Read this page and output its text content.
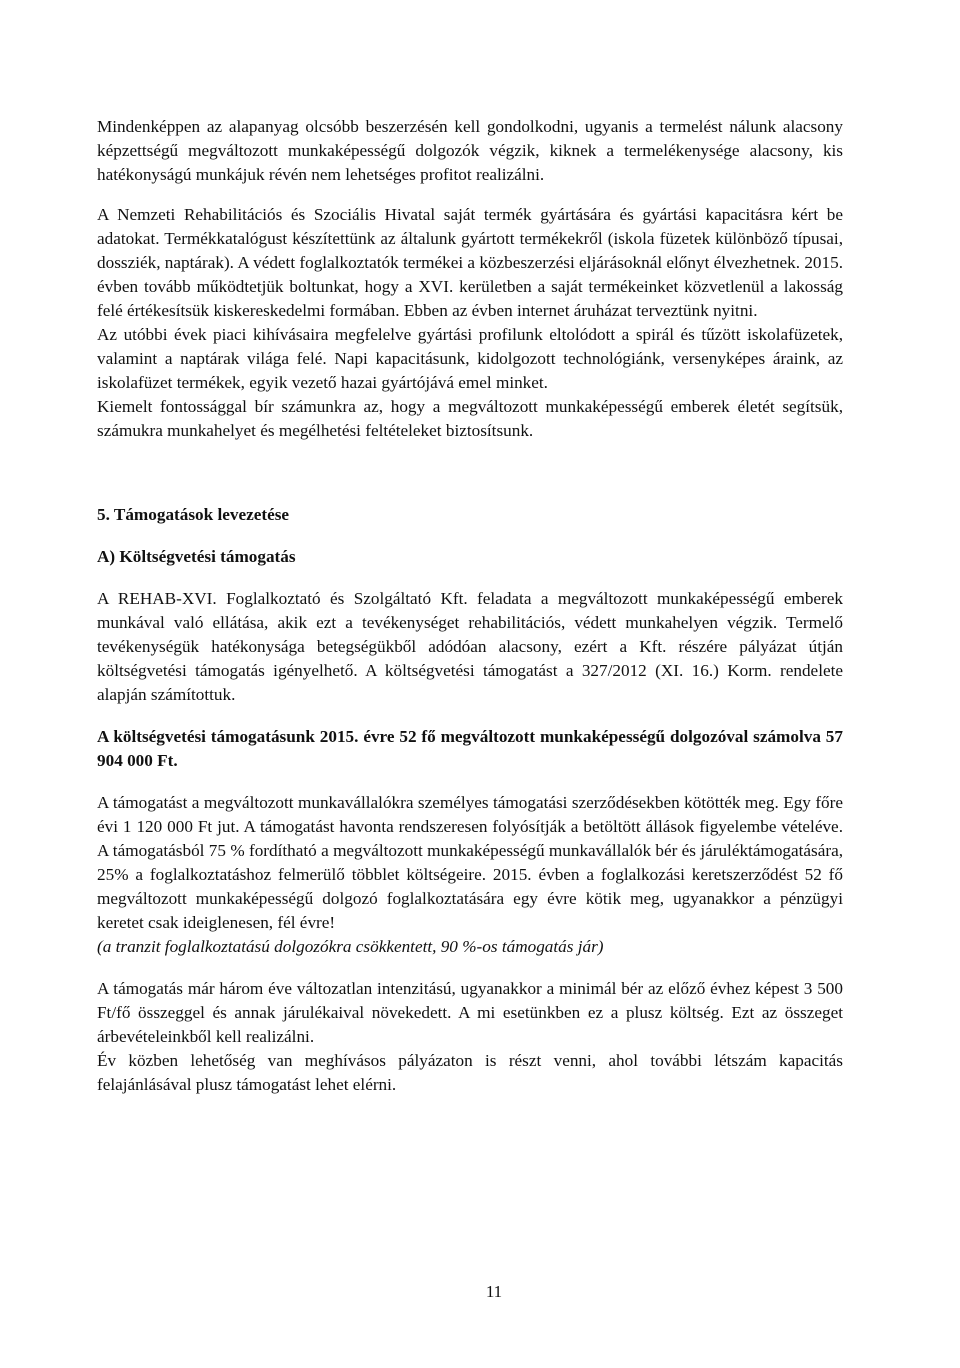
Mindenképpen az alapanyag olcsóbb beszerzésén kell gondolkodni, ugyanis a termelést nálunk alacsony képzettségű megváltozott munkaképességű dolgozók végzik, kiknek a termelékenysége alacsony, kis hatékonyságú munkájuk révén nem lehetséges profitot realizálni.

A Nemzeti Rehabilitációs és Szociális Hivatal saját termék gyártására és gyártási kapacitásra kért be adatokat. Termékkatalógust készítettünk az általunk gyártott termékekről (iskola füzetek különböző típusai, dossziék, naptárak). A védett foglalkoztatók termékei a közbeszerzési eljárásoknál előnyt élvezhetnek. 2015. évben tovább működtetjük boltunkat, hogy a XVI. kerületben a saját termékeinket közvetlenül a lakosság felé értékesítsük kiskereskedelmi formában. Ebben az évben internet áruházat terveztünk nyitni.

Az utóbbi évek piaci kihívásaira megfelelve gyártási profilunk eltolódott a spirál és tűzött iskolafüzetek, valamint a naptárak világa felé. Napi kapacitásunk, kidolgozott technológiánk, versenyképes áraink, az iskolafüzet termékek, egyik vezető hazai gyártójává emel minket.

Kiemelt fontossággal bír számunkra az, hogy a megváltozott munkaképességű emberek életét segítsük, számukra munkahelyet és megélhetési feltételeket biztosítsunk.

5. Támogatások levezetése

A) Költségvetési támogatás

A REHAB-XVI. Foglalkoztató és Szolgáltató Kft. feladata a megváltozott munkaképességű emberek munkával való ellátása, akik ezt a tevékenységet rehabilitációs, védett munkahelyen végzik. Termelő tevékenységük hatékonysága betegségükből adódóan alacsony, ezért a Kft. részére pályázat útján költségvetési támogatás igényelhető. A költségvetési támogatást a 327/2012 (XI. 16.) Korm. rendelete alapján számítottuk.

A költségvetési támogatásunk 2015. évre 52 fő megváltozott munkaképességű dolgozóval számolva 57 904 000 Ft.

A támogatást a megváltozott munkavállalókra személyes támogatási szerződésekben kötötték meg. Egy főre évi 1 120 000 Ft jut. A támogatást havonta rendszeresen folyósítják a betöltött állások figyelembe vételéve. A támogatásból 75 % fordítható a megváltozott munkaképességű munkavállalók bér és járuléktámogatására, 25% a foglalkoztatáshoz felmerülő többlet költségeire. 2015. évben a foglalkozási keretszerződést 52 fő megváltozott munkaképességű dolgozó foglalkoztatására egy évre kötik meg, ugyanakkor a pénzügyi keretet csak ideiglenesen, fél évre!

(a tranzit foglalkoztatású dolgozókra csökkentett, 90 %-os támogatás jár)

A támogatás már három éve változatlan intenzitású, ugyanakkor a minimál bér az előző évhez képest 3 500 Ft/fő összeggel és annak járulékaival növekedett. A mi esetünkben ez a plusz költség. Ezt az összeget árbevételeinkből kell realizálni.

Év közben lehetőség van meghívásos pályázaton is részt venni, ahol további létszám kapacitás felajánlásával plusz támogatást lehet elérni.

11
